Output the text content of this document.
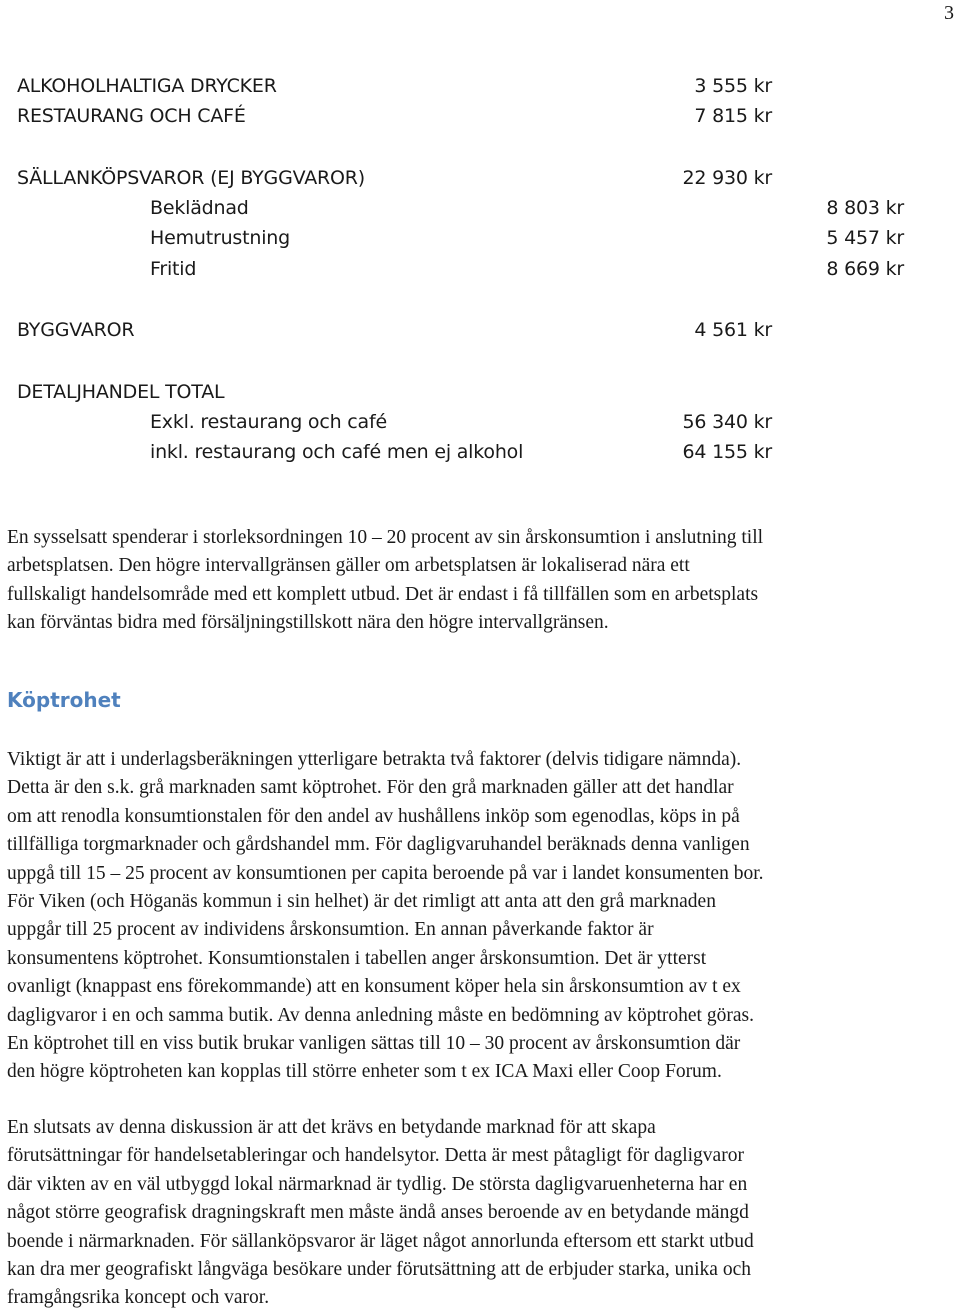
3
ALKOHOLHALTIGA DRYCKER	3 555 kr
RESTAURANG OCH CAFÉ	7 815 kr
SÄLLANKÖPSVAROR (EJ BYGGVAROR)	22 930 kr
Beklädnad	8 803 kr
Hemutrustning	5 457 kr
Fritid	8 669 kr
BYGGVAROR	4 561 kr
DETALJHANDEL TOTAL
Exkl. restaurang och café	56 340 kr
inkl. restaurang och café men ej alkohol	64 155 kr
En sysselsatt spenderar i storleksordningen 10 – 20 procent av sin årskonsumtion i anslutning till
arbetsplatsen. Den högre intervallgränsen gäller om arbetsplatsen är lokaliserad nära ett
fullskaligt handelsområde med ett komplett utbud. Det är endast i få tillfällen som en arbetsplats
kan förväntas bidra med försäljningstillskott nära den högre intervallgränsen.
Köptrohet
Viktigt är att i underlagsberäkningen ytterligare betrakta två faktorer (delvis tidigare nämnda).
Detta är den s.k. grå marknaden samt köptrohet. För den grå marknaden gäller att det handlar
om att renodla konsumtionstalen för den andel av hushållens inköp som egenodlas, köps in på
tillfälliga torgmarknader och gårdshandel mm. För dagligvaruhandel beräknads denna vanligen
uppgå till 15 – 25 procent av konsumtionen per capita beroende på var i landet konsumenten bor.
För Viken (och Höganäs kommun i sin helhet) är det rimligt att anta att den grå marknaden
uppgår till 25 procent av individens årskonsumtion. En annan påverkande faktor är
konsumentens köptrohet. Konsumtionstalen i tabellen anger årskonsumtion. Det är ytterst
ovanligt (knappast ens förekommande) att en konsument köper hela sin årskonsumtion av t ex
dagligvaror i en och samma butik. Av denna anledning måste en bedömning av köptrohet göras.
En köptrohet till en viss butik brukar vanligen sättas till 10 – 30 procent av årskonsumtion där
den högre köptroheten kan kopplas till större enheter som t ex ICA Maxi eller Coop Forum.
En slutsats av denna diskussion är att det krävs en betydande marknad för att skapa
förutsättningar för handelsetableringar och handelsytor. Detta är mest påtagligt för dagligvaror
där vikten av en väl utbyggd lokal närmarknad är tydlig. De största dagligvaruenheterna har en
något större geografisk dragningskraft men måste ändå anses beroende av en betydande mängd
boende i närmarknaden. För sällanköpsvaror är läget något annorlunda eftersom ett starkt utbud
kan dra mer geografiskt långväga besökare under förutsättning att de erbjuder starka, unika och
framgångsrika koncept och varor.
